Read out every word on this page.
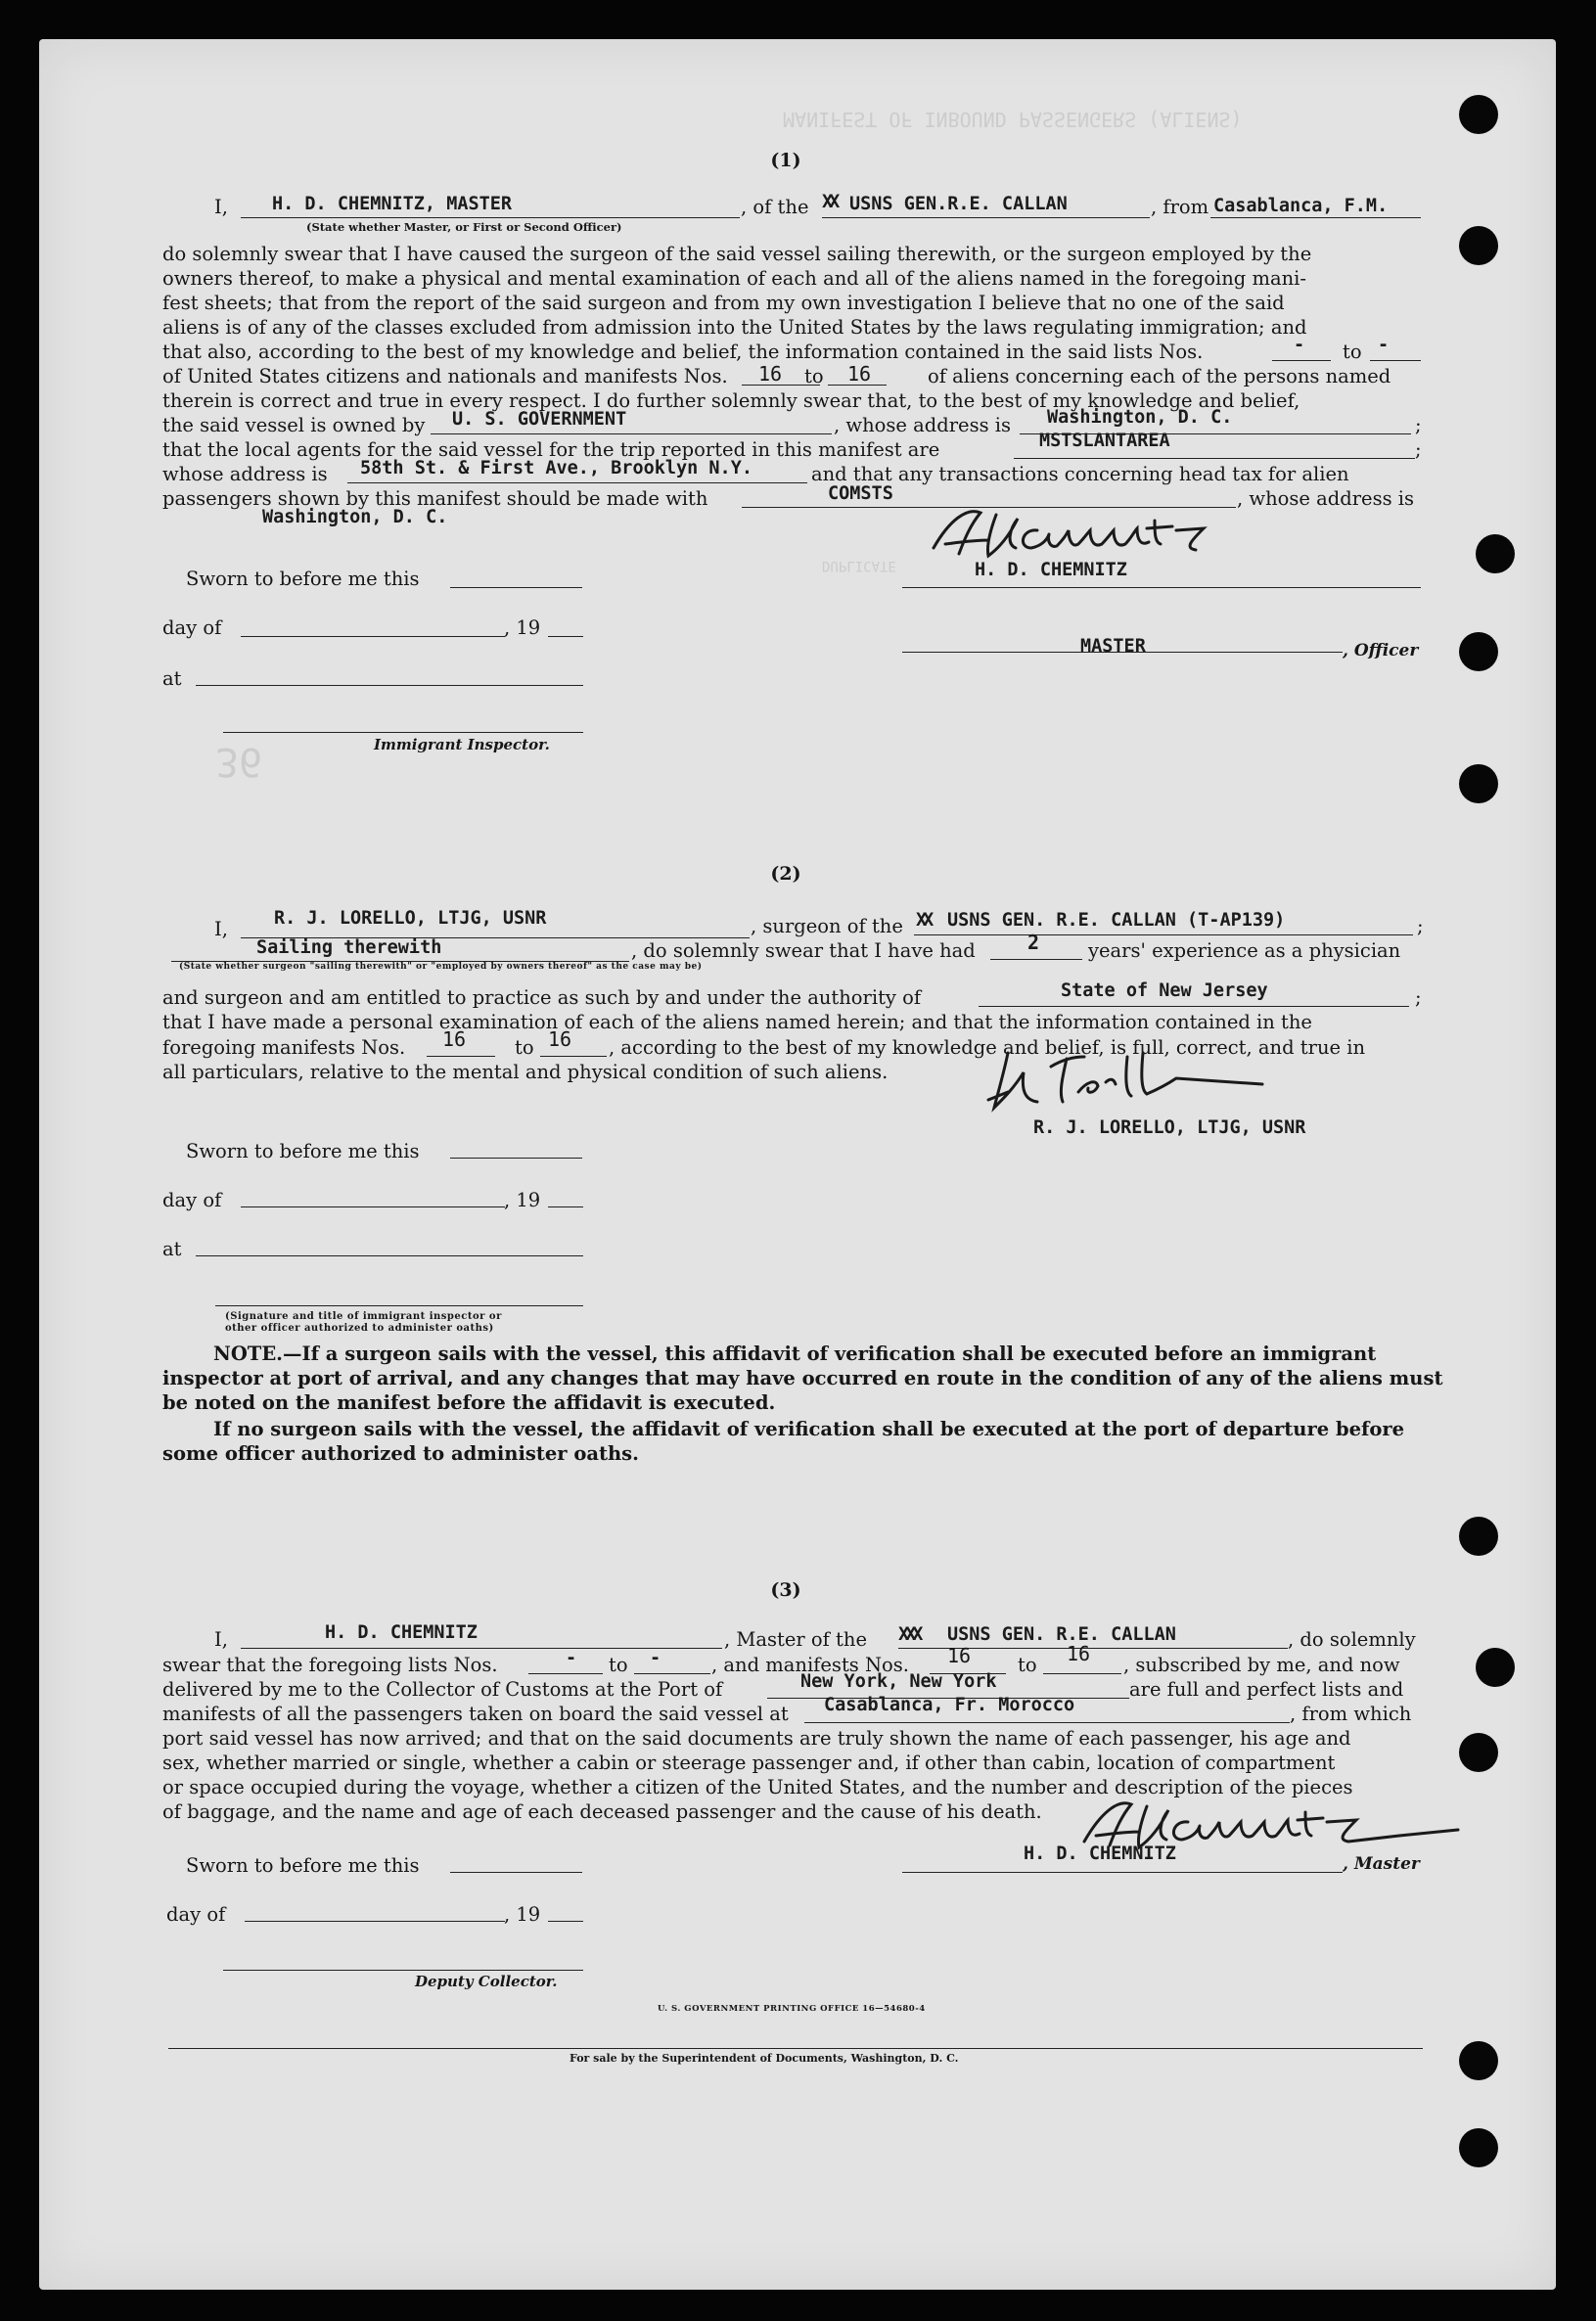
MANIFEST OF INBOUND PASSENGERS (ALIENS)
DUPLICATE
36
(1)
I, H. D. CHEMNITZ, MASTER	, of the XX USNS GEN.R.E. CALLAN	, from Casablanca, F.M.
(State whether Master, or First or Second Officer)
do solemnly swear that I have caused the surgeon of the said vessel sailing therewith, or the surgeon employed by the
owners thereof, to make a physical and mental examination of each and all of the aliens named in the foregoing mani-
fest sheets; that from the report of the said surgeon and from my own investigation I believe that no one of the said
aliens is of any of the classes excluded from admission into the United States by the laws regulating immigration; and
that also, according to the best of my knowledge and belief, the information contained in the said lists Nos.	- to -
of United States citizens and nationals and manifests Nos. 16 to 16	of aliens concerning each of the persons named
therein is correct and true in every respect. I do further solemnly swear that, to the best of my knowledge and belief,
the said vessel is owned by U. S. GOVERNMENT	, whose address is Washington, D. C.	;
that the local agents for the said vessel for the trip reported in this manifest are	MSTSLANTAREA	;
whose address is 58th St. & First Ave., Brooklyn N.Y.	and that any transactions concerning head tax for alien
passengers shown by this manifest should be made with	COMSTS	, whose address is
Washington, D. C.
Sworn to before me this	H. D. CHEMNITZ
day of	, 19
MASTER	, Officer
at
Immigrant Inspector.
(2)
I,	R. J. LORELLO, LTJG, USNR	, surgeon of the XX USNS GEN. R.E. CALLAN (T-AP139)	;
Sailing therewith	, do solemnly swear that I have had	2	years' experience as a physician
(State whether surgeon "sailing therewith" or "employed by owners thereof" as the case may be)
and surgeon and am entitled to practice as such by and under the authority of	State of New Jersey	;
that I have made a personal examination of each of the aliens named herein; and that the information contained in the
foregoing manifests Nos. 16	to 16 , according to the best of my knowledge and belief, is full, correct, and true in
all particulars, relative to the mental and physical condition of such aliens.
R. J. LORELLO, LTJG, USNR
Sworn to before me this
day of	, 19
at
(Signature and title of immigrant inspector or
other officer authorized to administer oaths)
NOTE.—If a surgeon sails with the vessel, this affidavit of verification shall be executed before an immigrant
inspector at port of arrival, and any changes that may have occurred en route in the condition of any of the aliens must
be noted on the manifest before the affidavit is executed.
If no surgeon sails with the vessel, the affidavit of verification shall be executed at the port of departure before
some officer authorized to administer oaths.
(3)
I,	H. D. CHEMNITZ	, Master of the XXX USNS GEN. R.E. CALLAN	, do solemnly
swear that the foregoing lists Nos.	- to -	, and manifests Nos. 16 to 16 , subscribed by me, and now
delivered by me to the Collector of Customs at the Port of	New York, New York	are full and perfect lists and
manifests of all the passengers taken on board the said vessel at Casablanca, Fr. Morocco	, from which
port said vessel has now arrived; and that on the said documents are truly shown the name of each passenger, his age and
sex, whether married or single, whether a cabin or steerage passenger and, if other than cabin, location of compartment
or space occupied during the voyage, whether a citizen of the United States, and the number and description of the pieces
of baggage, and the name and age of each deceased passenger and the cause of his death.
Sworn to before me this
H. D. CHEMNITZ	, Master
day of	, 19
Deputy Collector.
U. S. GOVERNMENT PRINTING OFFICE 16—54680-4
For sale by the Superintendent of Documents, Washington, D. C.
